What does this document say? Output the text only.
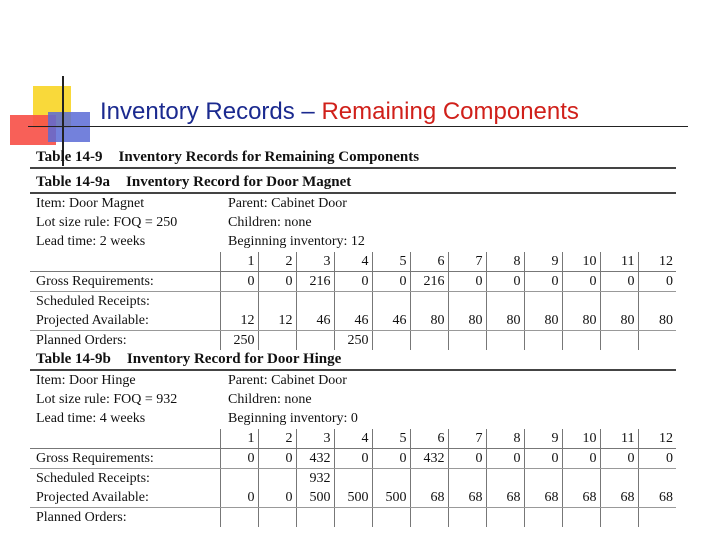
Inventory Records – Remaining Components
Table 14-9 Inventory Records for Remaining Components
Table 14-9a Inventory Record for Door Magnet
Item: Door Magnet	Parent: Cabinet Door
Lot size rule: FOQ = 250	Children: none
Lead time: 2 weeks	Beginning inventory: 12
	1	2	3	4	5	6	7	8	9	10	11	12
Gross Requirements:	0	0	216	0	0	216	0	0	0	0	0	0
Scheduled Receipts:												
Projected Available:	12	12	46	46	46	80	80	80	80	80	80	80
Planned Orders:	250			250								
Table 14-9b Inventory Record for Door Hinge
Item: Door Hinge	Parent: Cabinet Door
Lot size rule: FOQ = 932	Children: none
Lead time: 4 weeks	Beginning inventory: 0
	1	2	3	4	5	6	7	8	9	10	11	12
Gross Requirements:	0	0	432	0	0	432	0	0	0	0	0	0
Scheduled Receipts:			932									
Projected Available:	0	0	500	500	500	68	68	68	68	68	68	68
Planned Orders:												
